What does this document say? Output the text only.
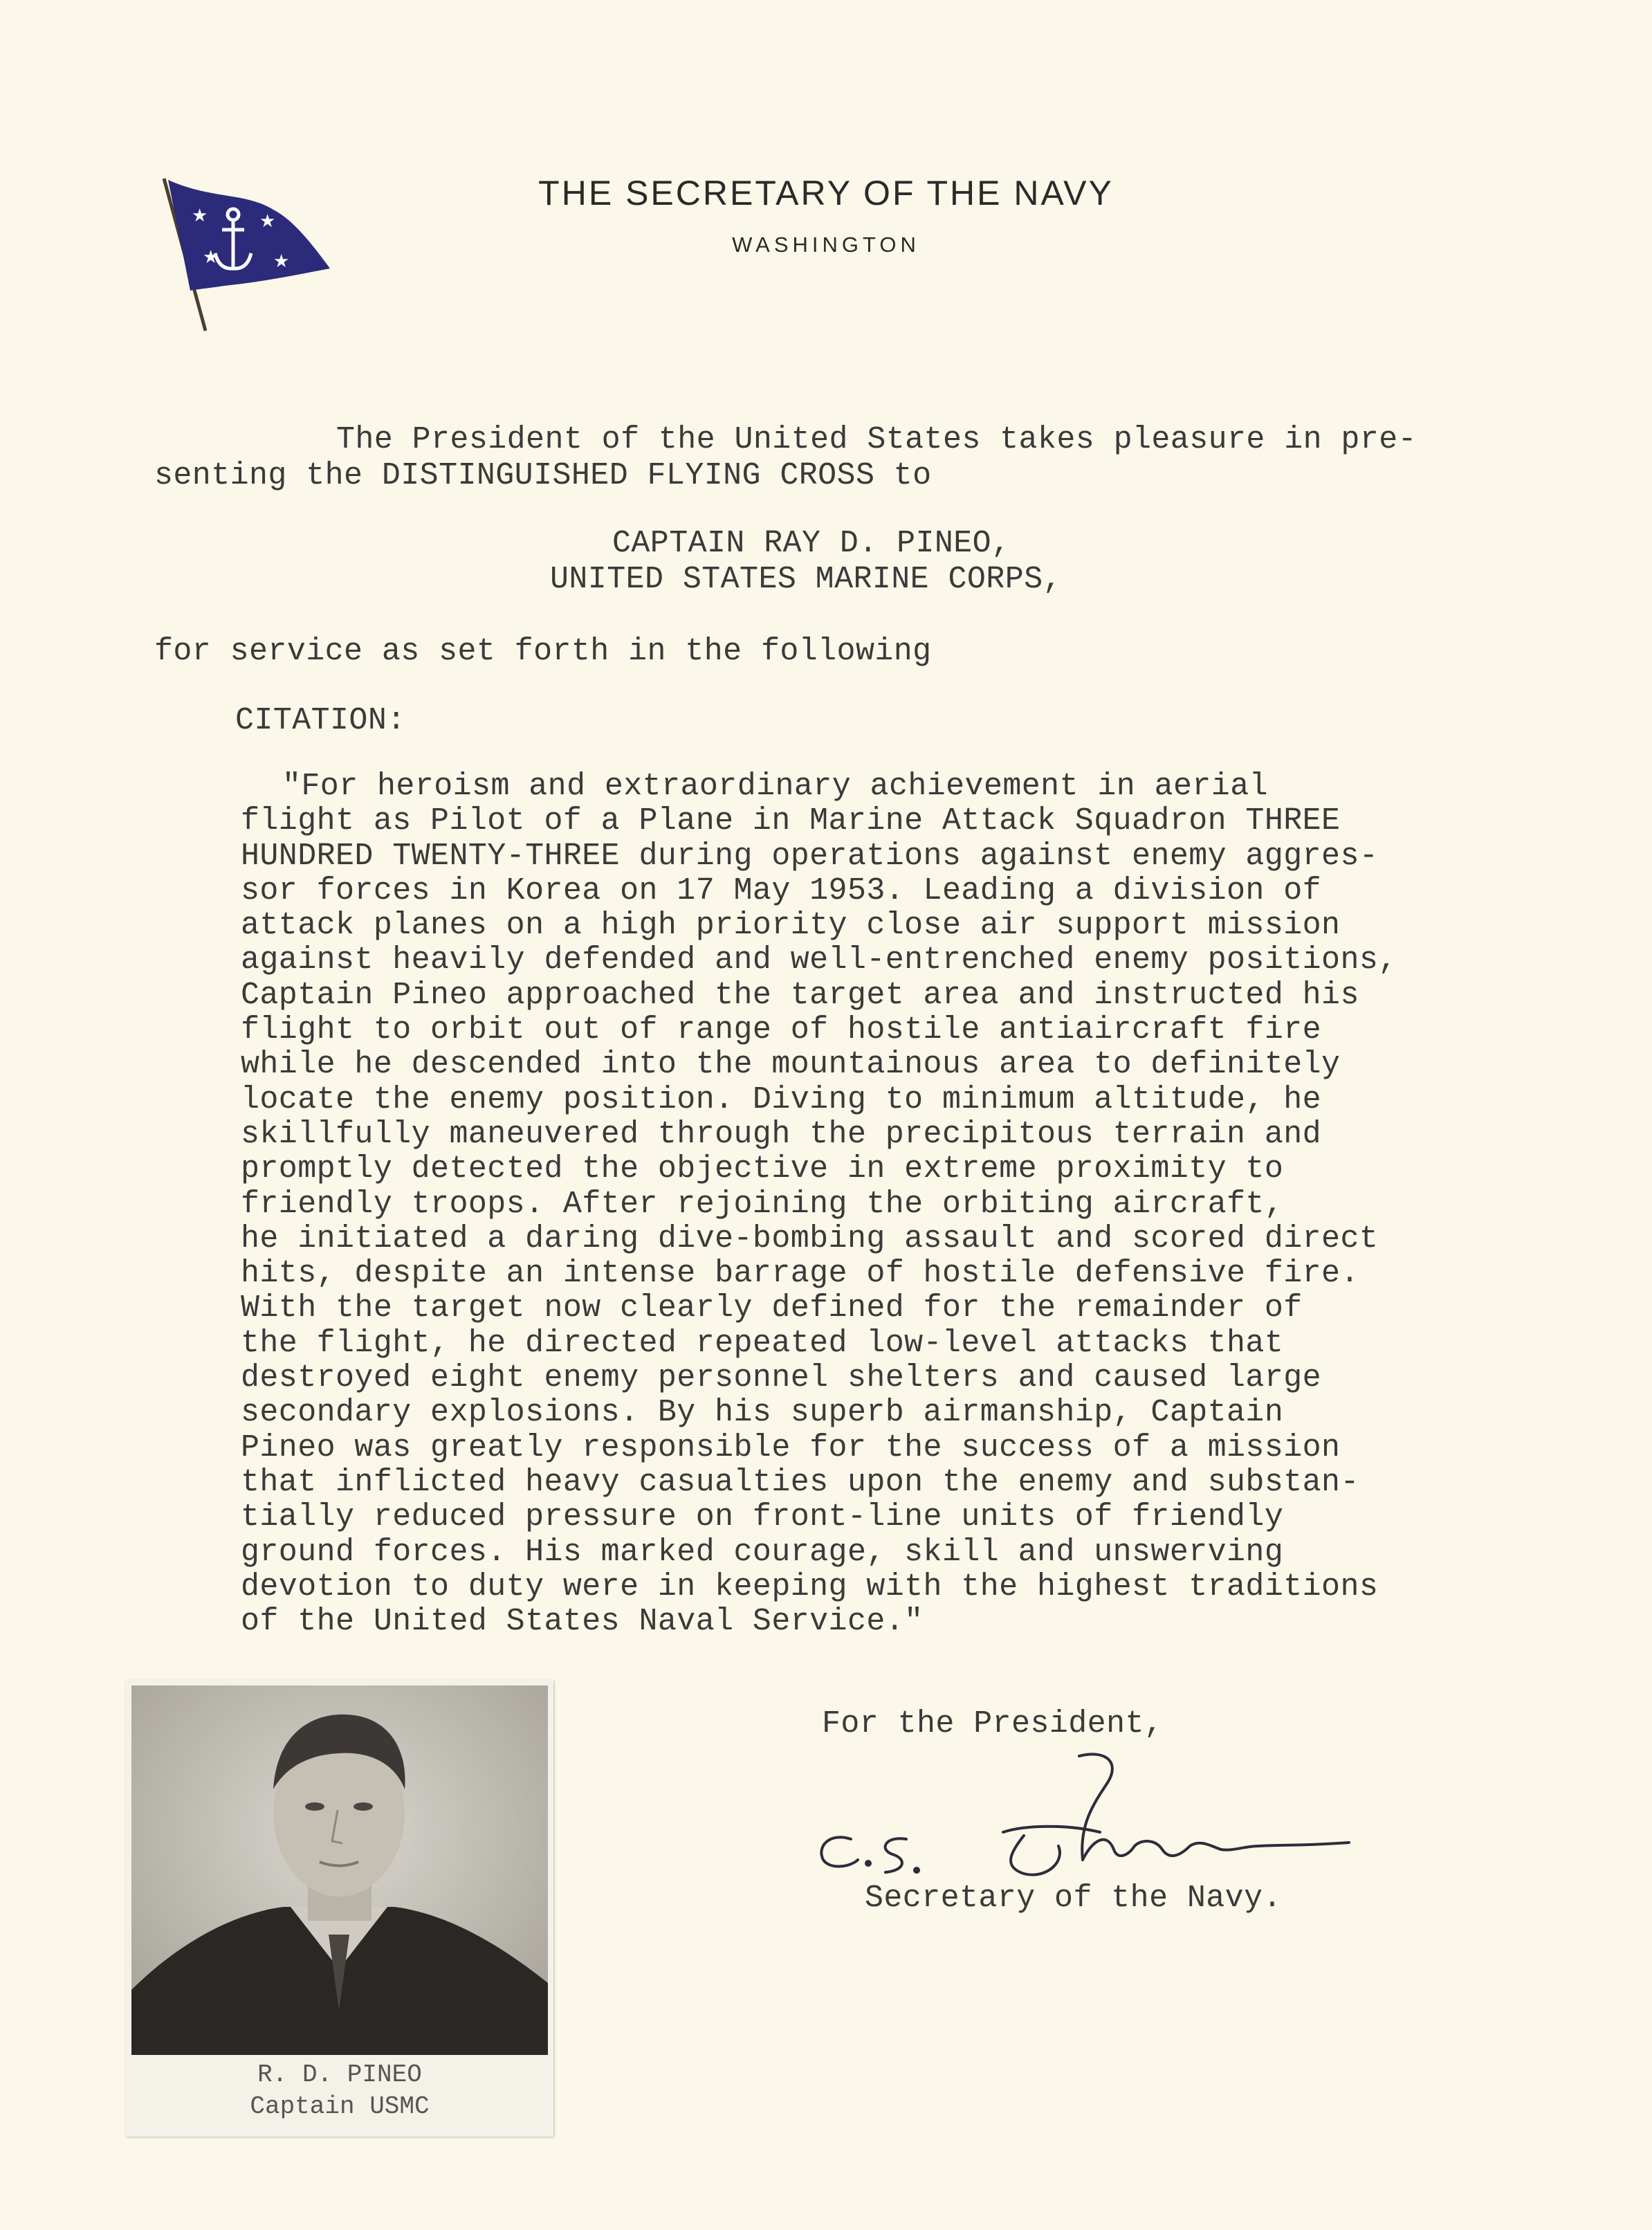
★	★
★	★
THE SECRETARY OF THE NAVY
WASHINGTON
The President of the United States takes pleasure in pre-
senting the DISTINGUISHED FLYING CROSS to
CAPTAIN RAY D. PINEO,
UNITED STATES MARINE CORPS,
for service as set forth in the following
CITATION:
"For heroism and extraordinary achievement in aerial
flight as Pilot of a Plane in Marine Attack Squadron THREE
HUNDRED TWENTY-THREE during operations against enemy aggres-
sor forces in Korea on 17 May 1953. Leading a division of
attack planes on a high priority close air support mission
against heavily defended and well-entrenched enemy positions,
Captain Pineo approached the target area and instructed his
flight to orbit out of range of hostile antiaircraft fire
while he descended into the mountainous area to definitely
locate the enemy position. Diving to minimum altitude, he
skillfully maneuvered through the precipitous terrain and
promptly detected the objective in extreme proximity to
friendly troops. After rejoining the orbiting aircraft,
he initiated a daring dive-bombing assault and scored direct
hits, despite an intense barrage of hostile defensive fire.
With the target now clearly defined for the remainder of
the flight, he directed repeated low-level attacks that
destroyed eight enemy personnel shelters and caused large
secondary explosions. By his superb airmanship, Captain
Pineo was greatly responsible for the success of a mission
that inflicted heavy casualties upon the enemy and substan-
tially reduced pressure on front-line units of friendly
ground forces. His marked courage, skill and unswerving
devotion to duty were in keeping with the highest traditions
of the United States Naval Service."
R. D. PINEO
Captain USMC
For the President,
Secretary of the Navy.
